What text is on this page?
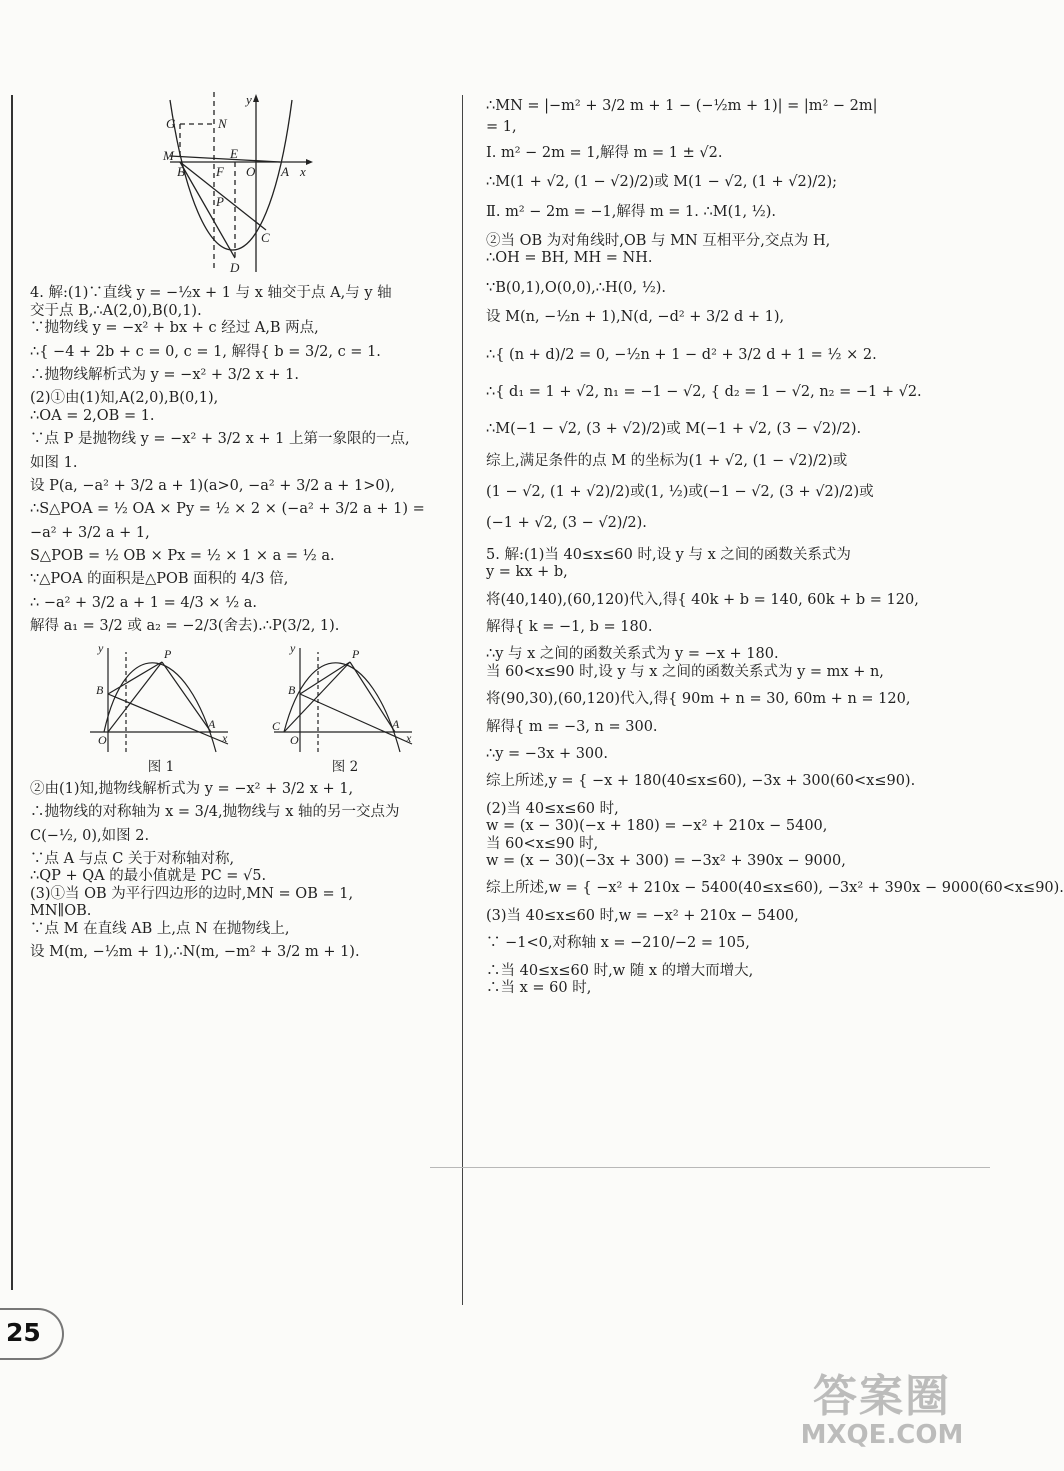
G	N
M
y
E
B F O A x
P
C
D
4. 解:(1)∵直线 y = −½x + 1 与 x 轴交于点 A,与 y 轴
交于点 B,∴A(2,0),B(0,1).
∵抛物线 y = −x² + bx + c 经过 A,B 两点,
∴{ −4 + 2b + c = 0, c = 1, 解得{ b = 3/2, c = 1.
∴抛物线解析式为 y = −x² + 3/2 x + 1.
(2)①由(1)知,A(2,0),B(0,1),
∴OA = 2,OB = 1.
∵点 P 是抛物线 y = −x² + 3/2 x + 1 上第一象限的一点,
如图 1.
设 P(a, −a² + 3/2 a + 1)(a>0, −a² + 3/2 a + 1>0),
∴S△POA = ½ OA × Py = ½ × 2 × (−a² + 3/2 a + 1) =
−a² + 3/2 a + 1,
S△POB = ½ OB × Px = ½ × 1 × a = ½ a.
∵△POA 的面积是△POB 面积的 4/3 倍,
∴ −a² + 3/2 a + 1 = 4/3 × ½ a.
解得 a₁ = 3/2 或 a₂ = −2/3(舍去).∴P(3/2, 1).
y	P
B
A
O	x
图 1
y	P
B
C	A
O	x
图 2
②由(1)知,抛物线解析式为 y = −x² + 3/2 x + 1,
∴抛物线的对称轴为 x = 3/4,抛物线与 x 轴的另一交点为
C(−½, 0),如图 2.
∵点 A 与点 C 关于对称轴对称,
∴QP + QA 的最小值就是 PC = √5.
(3)①当 OB 为平行四边形的边时,MN = OB = 1,
MN∥OB.
∵点 M 在直线 AB 上,点 N 在抛物线上,
设 M(m, −½m + 1),∴N(m, −m² + 3/2 m + 1).
∴MN = |−m² + 3/2 m + 1 − (−½m + 1)| = |m² − 2m|
= 1,
Ⅰ. m² − 2m = 1,解得 m = 1 ± √2.
∴M(1 + √2, (1 − √2)/2)或 M(1 − √2, (1 + √2)/2);
Ⅱ. m² − 2m = −1,解得 m = 1. ∴M(1, ½).
②当 OB 为对角线时,OB 与 MN 互相平分,交点为 H,
∴OH = BH, MH = NH.
∵B(0,1),O(0,0),∴H(0, ½).
设 M(n, −½n + 1),N(d, −d² + 3/2 d + 1),
∴{ (n + d)/2 = 0, −½n + 1 − d² + 3/2 d + 1 = ½ × 2.
∴{ d₁ = 1 + √2, n₁ = −1 − √2, { d₂ = 1 − √2, n₂ = −1 + √2.
∴M(−1 − √2, (3 + √2)/2)或 M(−1 + √2, (3 − √2)/2).
综上,满足条件的点 M 的坐标为(1 + √2, (1 − √2)/2)或
(1 − √2, (1 + √2)/2)或(1, ½)或(−1 − √2, (3 + √2)/2)或
(−1 + √2, (3 − √2)/2).
5. 解:(1)当 40≤x≤60 时,设 y 与 x 之间的函数关系式为
y = kx + b,
将(40,140),(60,120)代入,得{ 40k + b = 140, 60k + b = 120,
解得{ k = −1, b = 180.
∴y 与 x 之间的函数关系式为 y = −x + 180.
当 60<x≤90 时,设 y 与 x 之间的函数关系式为 y = mx + n,
将(90,30),(60,120)代入,得{ 90m + n = 30, 60m + n = 120,
解得{ m = −3, n = 300.
∴y = −3x + 300.
综上所述,y = { −x + 180(40≤x≤60), −3x + 300(60<x≤90).
(2)当 40≤x≤60 时,
w = (x − 30)(−x + 180) = −x² + 210x − 5400,
当 60<x≤90 时,
w = (x − 30)(−3x + 300) = −3x² + 390x − 9000,
综上所述,w = { −x² + 210x − 5400(40≤x≤60), −3x² + 390x − 9000(60<x≤90).
(3)当 40≤x≤60 时,w = −x² + 210x − 5400,
∵ −1<0,对称轴 x = −210/−2 = 105,
∴当 40≤x≤60 时,w 随 x 的增大而增大,
∴当 x = 60 时,
25
答案圈
MXQE.COM
